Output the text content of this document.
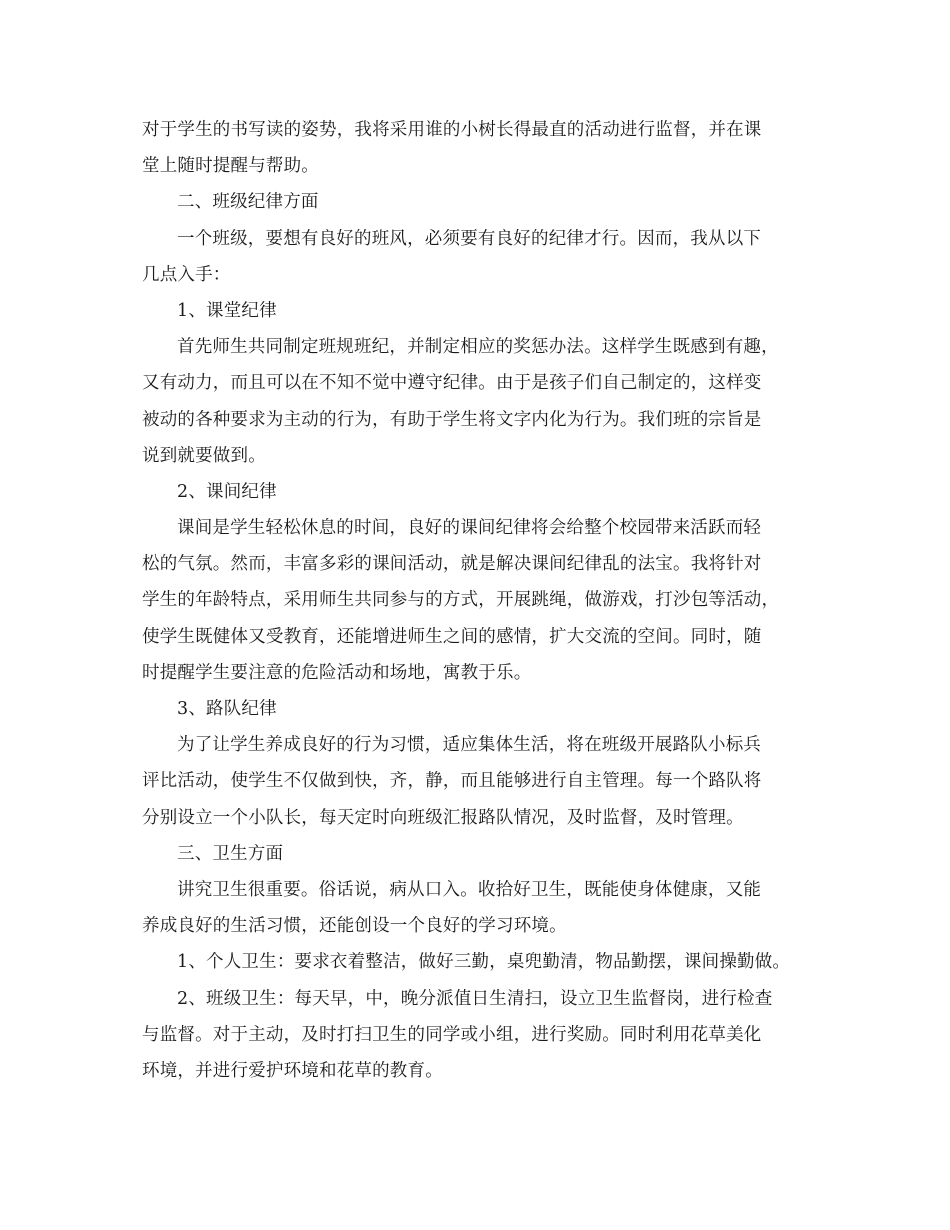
对于学生的书写读的姿势，我将采用谁的小树长得最直的活动进行监督，并在课
堂上随时提醒与帮助。
二、班级纪律方面
一个班级，要想有良好的班风，必须要有良好的纪律才行。因而，我从以下
几点入手：
1、课堂纪律
首先师生共同制定班规班纪，并制定相应的奖惩办法。这样学生既感到有趣，
又有动力，而且可以在不知不觉中遵守纪律。由于是孩子们自己制定的，这样变
被动的各种要求为主动的行为，有助于学生将文字内化为行为。我们班的宗旨是
说到就要做到。
2、课间纪律
课间是学生轻松休息的时间，良好的课间纪律将会给整个校园带来活跃而轻
松的气氛。然而，丰富多彩的课间活动，就是解决课间纪律乱的法宝。我将针对
学生的年龄特点，采用师生共同参与的方式，开展跳绳，做游戏，打沙包等活动，
使学生既健体又受教育，还能增进师生之间的感情，扩大交流的空间。同时，随
时提醒学生要注意的危险活动和场地，寓教于乐。
3、路队纪律
为了让学生养成良好的行为习惯，适应集体生活，将在班级开展路队小标兵
评比活动，使学生不仅做到快，齐，静，而且能够进行自主管理。每一个路队将
分别设立一个小队长，每天定时向班级汇报路队情况，及时监督，及时管理。
三、卫生方面
讲究卫生很重要。俗话说，病从口入。收拾好卫生，既能使身体健康，又能
养成良好的生活习惯，还能创设一个良好的学习环境。
1、个人卫生：要求衣着整洁，做好三勤，桌兜勤清，物品勤摆，课间操勤做。
2、班级卫生：每天早，中，晚分派值日生清扫，设立卫生监督岗，进行检查
与监督。对于主动，及时打扫卫生的同学或小组，进行奖励。同时利用花草美化
环境，并进行爱护环境和花草的教育。
